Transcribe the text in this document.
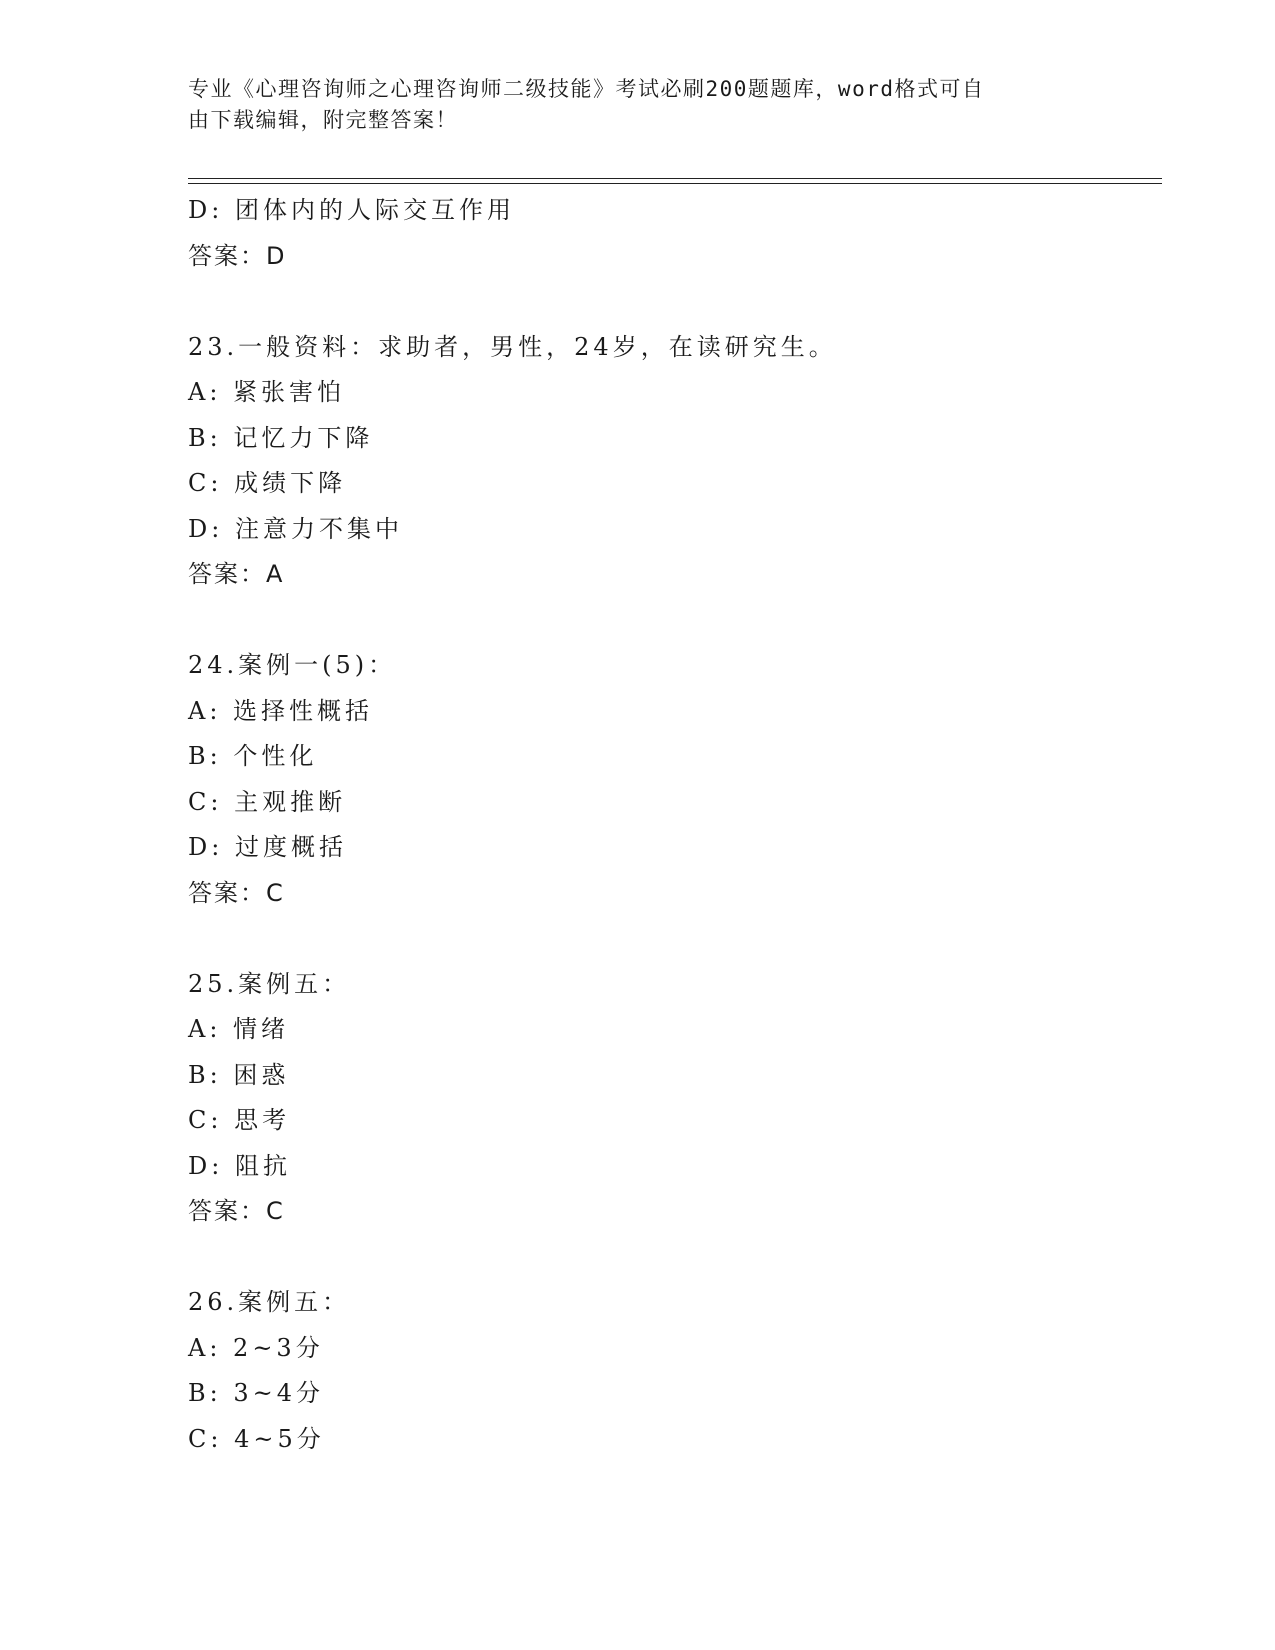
专业《心理咨询师之心理咨询师二级技能》考试必刷200题题库，word格式可自
由下载编辑，附完整答案！
D: 团体内的人际交互作用
答案：D
23.一般资料：求助者，男性，24岁，在读研究生。
A: 紧张害怕
B: 记忆力下降
C: 成绩下降
D: 注意力不集中
答案：A
24.案例一(5)：
A: 选择性概括
B: 个性化
C: 主观推断
D: 过度概括
答案：C
25.案例五：
A: 情绪
B: 困惑
C: 思考
D: 阻抗
答案：C
26.案例五：
A: 2~3分
B: 3~4分
C: 4~5分
